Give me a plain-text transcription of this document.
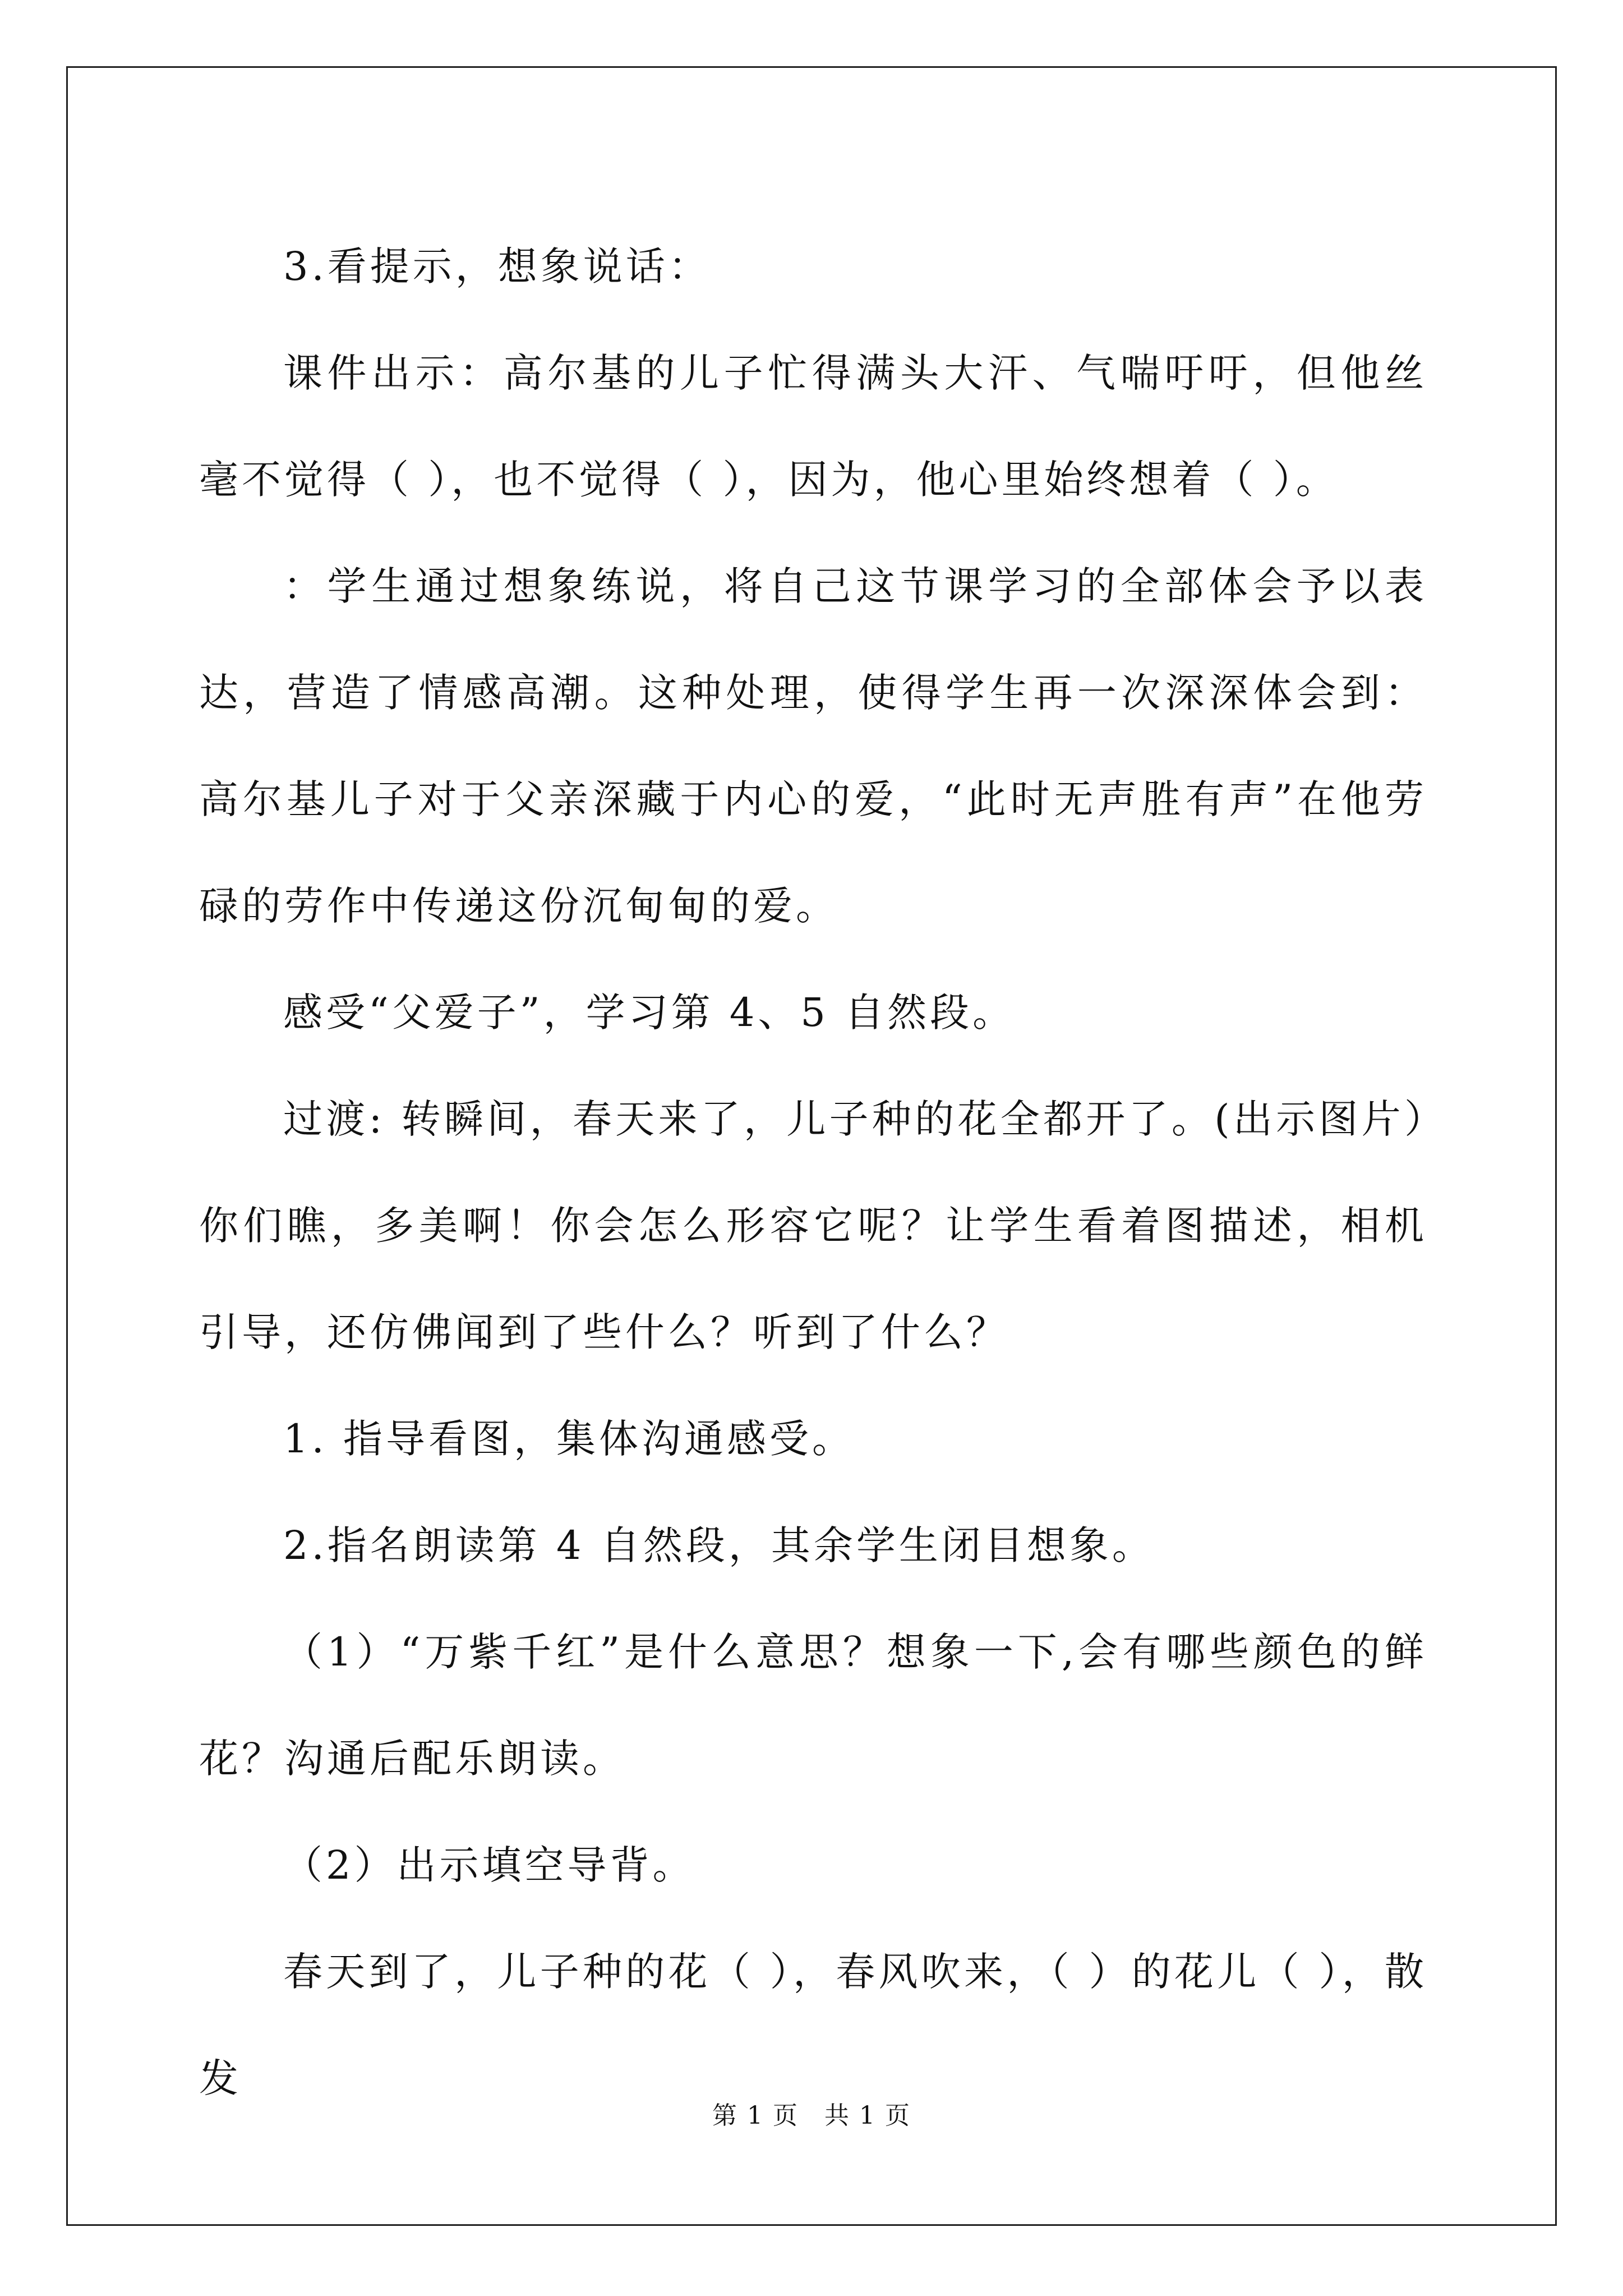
3.看提示，想象说话：

课件出示：高尔基的儿子忙得满头大汗、气喘吁吁，但他丝毫不觉得（ ），也不觉得（ ），因为，他心里始终想着（ ）。

：学生通过想象练说，将自己这节课学习的全部体会予以表达，营造了情感高潮。这种处理，使得学生再一次深深体会到：高尔基儿子对于父亲深藏于内心的爱，“此时无声胜有声”在他劳碌的劳作中传递这份沉甸甸的爱。

感受“父爱子”，学习第 4、5 自然段。

过渡: 转瞬间，春天来了，儿子种的花全都开了。(出示图片）你们瞧，多美啊！你会怎么形容它呢？让学生看着图描述，相机引导，还仿佛闻到了些什么？听到了什么？

1. 指导看图，集体沟通感受。

2.指名朗读第 4 自然段，其余学生闭目想象。

（1）“万紫千红”是什么意思？想象一下,会有哪些颜色的鲜花？沟通后配乐朗读。

（2）出示填空导背。

春天到了，儿子种的花（ ），春风吹来，（ ）的花儿（ ），散发

第 1 页　共 1 页
